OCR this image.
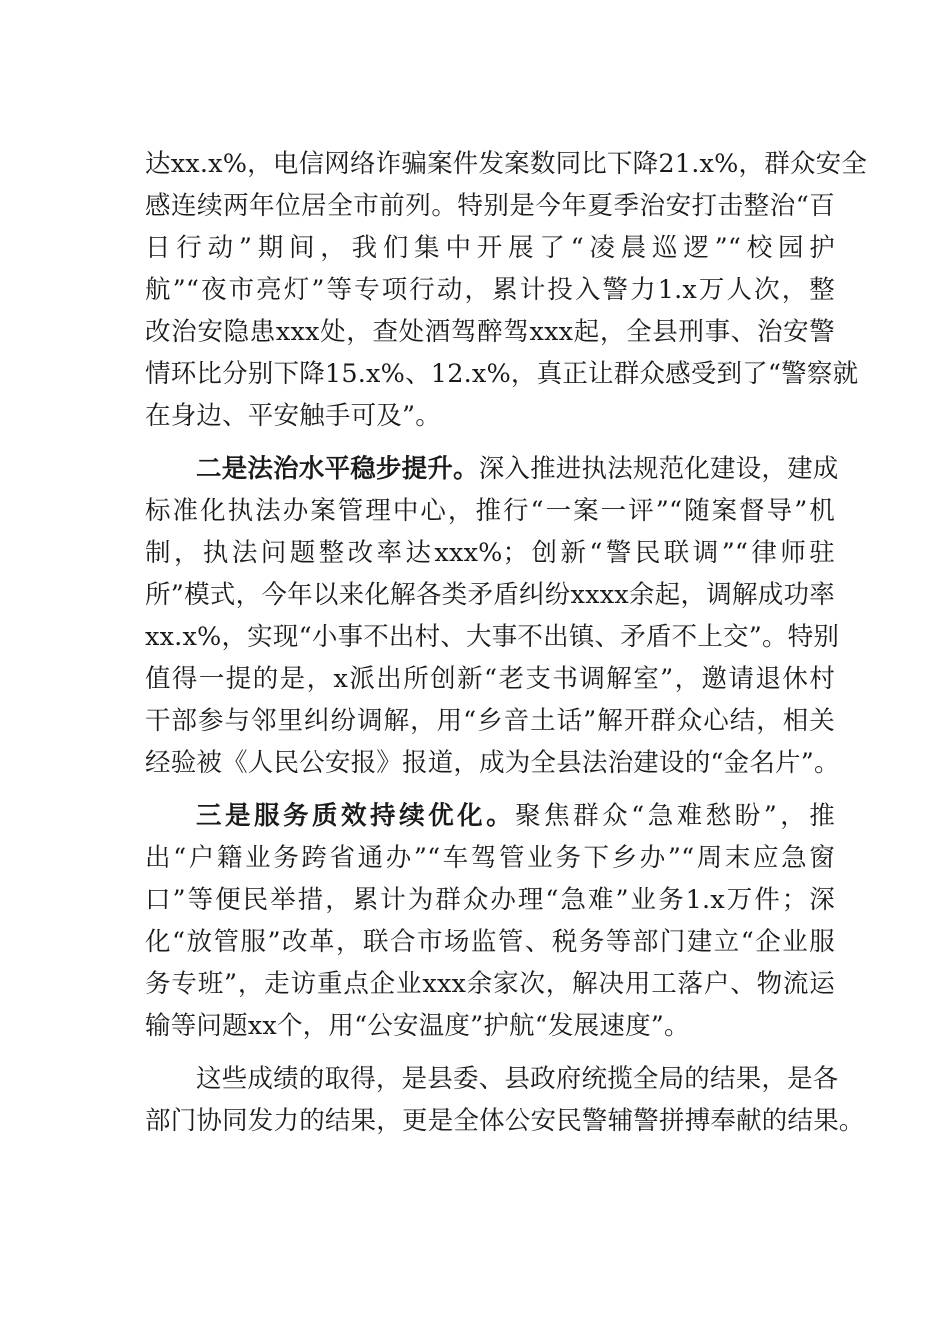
达xx.x%，电信网络诈骗案件发案数同比下降21.x%，群众安全
感连续两年位居全市前列。特别是今年夏季治安打击整治“百
日行动”期间，我们集中开展了“凌晨巡逻”“校园护
航”“夜市亮灯”等专项行动，累计投入警力1.x万人次，整
改治安隐患xxx处，查处酒驾醉驾xxx起，全县刑事、治安警
情环比分别下降15.x%、12.x%，真正让群众感受到了“警察就
在身边、平安触手可及”。
二是法治水平稳步提升。深入推进执法规范化建设，建成
标准化执法办案管理中心，推行“一案一评”“随案督导”机
制，执法问题整改率达xxx%；创新“警民联调”“律师驻
所”模式，今年以来化解各类矛盾纠纷xxxx余起，调解成功率
xx.x%，实现“小事不出村、大事不出镇、矛盾不上交”。特别
值得一提的是，x派出所创新“老支书调解室”，邀请退休村
干部参与邻里纠纷调解，用“乡音土话”解开群众心结，相关
经验被《人民公安报》报道，成为全县法治建设的“金名片”。
三是服务质效持续优化。聚焦群众“急难愁盼”，推
出“户籍业务跨省通办”“车驾管业务下乡办”“周末应急窗
口”等便民举措，累计为群众办理“急难”业务1.x万件；深
化“放管服”改革，联合市场监管、税务等部门建立“企业服
务专班”，走访重点企业xxx余家次，解决用工落户、物流运
输等问题xx个，用“公安温度”护航“发展速度”。
这些成绩的取得，是县委、县政府统揽全局的结果，是各
部门协同发力的结果，更是全体公安民警辅警拼搏奉献的结果。
